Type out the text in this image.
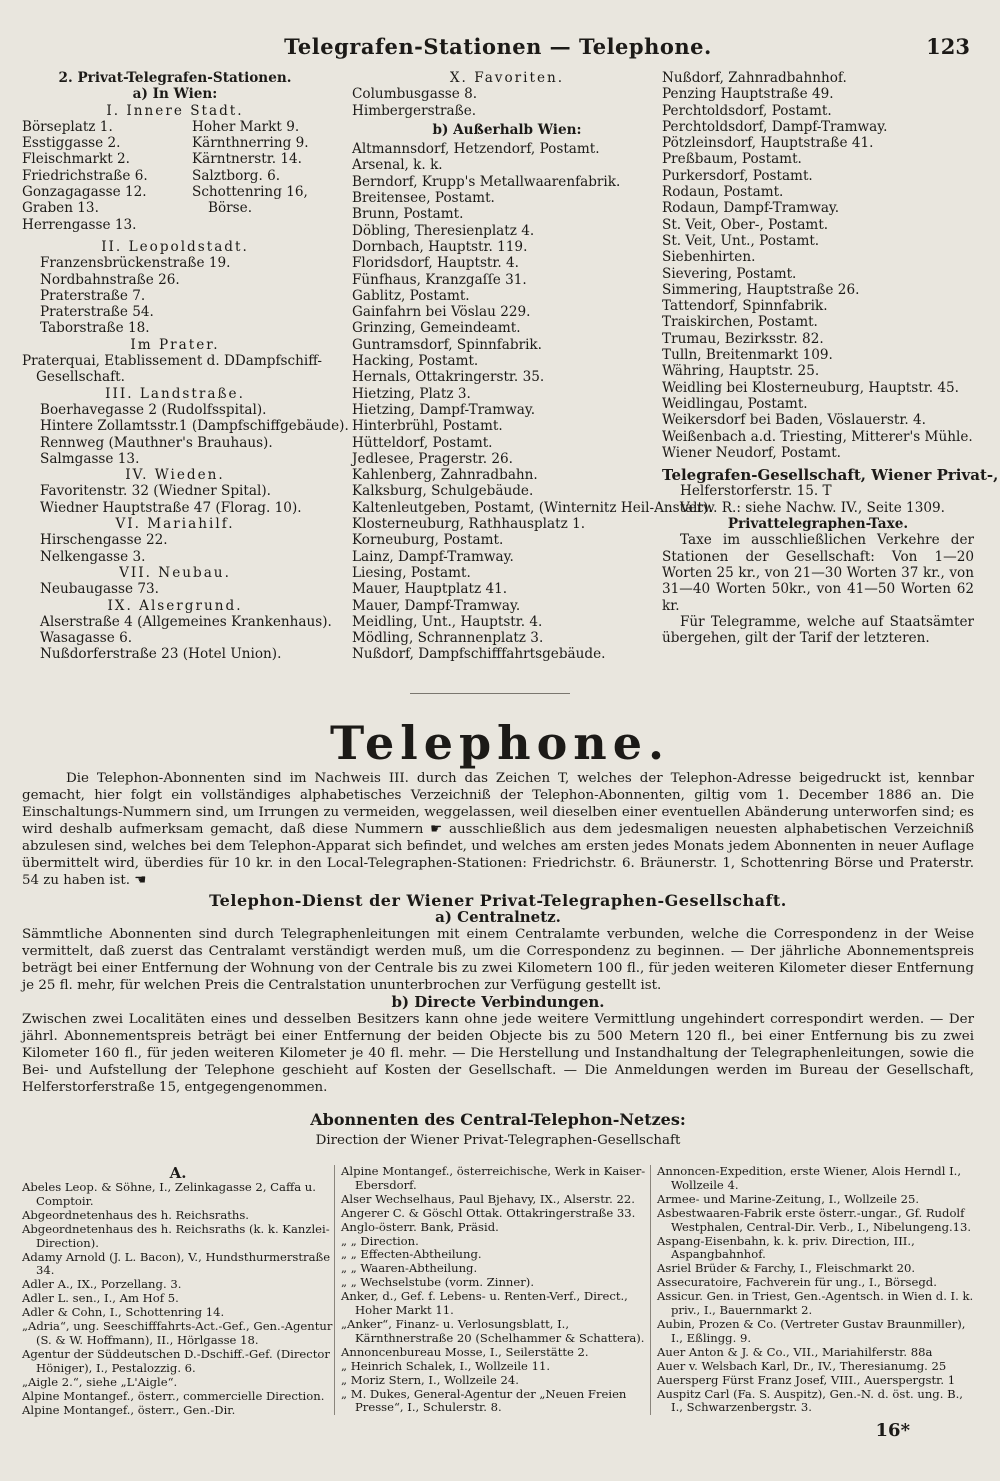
Telegrafen-Stationen — Telephone.	123
2. Privat-Telegrafen-Stationen.
a) In Wien:
I. Innere Stadt.
Börseplatz 1.
Esstiggasse 2.
Fleischmarkt 2.
Friedrichstraße 6.
Gonzagagasse 12.
Graben 13.
Herrengasse 13.
Hoher Markt 9.
Kärnthnerring 9.
Kärntnerstr. 14.
Salztborg. 6.
Schottenring 16,
Börse.
II. Leopoldstadt.
Franzensbrückenstraße 19.
Nordbahnstraße 26.
Praterstraße 7.
Praterstraße 54.
Taborstraße 18.
Im Prater.
Praterquai, Etablissement d. DDampfschiff-Gesellschaft.
III. Landstraße.
Boerhavegasse 2 (Rudolfsspital).
Hintere Zollamtsstr.1 (Dampfschiffgebäude).
Rennweg (Mauthner's Brauhaus).
Salmgasse 13.
IV. Wieden.
Favoritenstr. 32 (Wiedner Spital).
Wiedner Hauptstraße 47 (Florag. 10).
VI. Mariahilf.
Hirschengasse 22.
Nelkengasse 3.
VII. Neubau.
Neubaugasse 73.
IX. Alsergrund.
Alserstraße 4 (Allgemeines Krankenhaus).
Wasagasse 6.
Nußdorferstraße 23 (Hotel Union).
X. Favoriten.
Columbusgasse 8.
Himbergerstraße.
b) Außerhalb Wien:
Altmannsdorf, Hetzendorf, Postamt.
Arsenal, k. k.
Berndorf, Krupp's Metallwaarenfabrik.
Breitensee, Postamt.
Brunn, Postamt.
Döbling, Theresienplatz 4.
Dornbach, Hauptstr. 119.
Floridsdorf, Hauptstr. 4.
Fünfhaus, Kranzgaſſe 31.
Gablitz, Postamt.
Gainfahrn bei Vöslau 229.
Grinzing, Gemeindeamt.
Guntramsdorf, Spinnfabrik.
Hacking, Postamt.
Hernals, Ottakringerstr. 35.
Hietzing, Platz 3.
Hietzing, Dampf-Tramway.
Hinterbrühl, Postamt.
Hütteldorf, Postamt.
Jedlesee, Pragerstr. 26.
Kahlenberg, Zahnradbahn.
Kalksburg, Schulgebäude.
Kaltenleutgeben, Postamt, (Winternitz Heil-Anstalt).
Klosterneuburg, Rathhausplatz 1.
Korneuburg, Postamt.
Lainz, Dampf-Tramway.
Liesing, Postamt.
Mauer, Hauptplatz 41.
Mauer, Dampf-Tramway.
Meidling, Unt., Hauptstr. 4.
Mödling, Schrannenplatz 3.
Nußdorf, Dampfschifffahrtsgebäude.
Nußdorf, Zahnradbahnhof.
Penzing Hauptstraße 49.
Perchtoldsdorf, Postamt.
Perchtoldsdorf, Dampf-Tramway.
Pötzleinsdorf, Hauptstraße 41.
Preßbaum, Postamt.
Purkersdorf, Postamt.
Rodaun, Postamt.
Rodaun, Dampf-Tramway.
St. Veit, Ober-, Postamt.
St. Veit, Unt., Postamt.
Siebenhirten.
Sievering, Postamt.
Simmering, Hauptstraße 26.
Tattendorf, Spinnfabrik.
Traiskirchen, Postamt.
Trumau, Bezirksstr. 82.
Tulln, Breitenmarkt 109.
Währing, Hauptstr. 25.
Weidling bei Klosterneuburg, Hauptstr. 45.
Weidlingau, Postamt.
Weikersdorf bei Baden, Vöslauerstr. 4.
Weißenbach a.d. Triesting, Mitterer's Mühle.
Wiener Neudorf, Postamt.
Telegrafen-Gesellschaft, Wiener Privat-,
Helferstorferstr. 15. T
Verw. R.: siehe Nachw. IV., Seite 1309.
Privattelegraphen-Taxe.
Taxe im ausschließlichen Verkehre der Stationen der Gesellschaft: Von 1—20 Worten 25 kr., von 21—30 Worten 37 kr., von 31—40 Worten 50kr., von 41—50 Worten 62 kr.
Für Telegramme, welche auf Staatsämter übergehen, gilt der Tarif der letzteren.
Telephone.
Die Telephon-Abonnenten sind im Nachweis III. durch das Zeichen T, welches der Telephon-Adresse beigedruckt ist, kennbar gemacht, hier folgt ein vollständiges alphabetisches Verzeichniß der Telephon-Abonnenten, giltig vom 1. December 1886 an. Die Einschaltungs-Nummern sind, um Irrungen zu vermeiden, weggelassen, weil dieselben einer eventuellen Abänderung unterworfen sind; es wird deshalb aufmerksam gemacht, daß diese Nummern ☛ ausschließlich aus dem jedesmaligen neuesten alphabetischen Verzeichniß abzulesen sind, welches bei dem Telephon-Apparat sich befindet, und welches am ersten jedes Monats jedem Abonnenten in neuer Auflage übermittelt wird, überdies für 10 kr. in den Local-Telegraphen-Stationen: Friedrichstr. 6. Bräunerstr. 1, Schottenring Börse und Praterstr. 54 zu haben ist. ☚
Telephon-Dienst der Wiener Privat-Telegraphen-Gesellschaft.
a) Centralnetz.
Sämmtliche Abonnenten sind durch Telegraphenleitungen mit einem Centralamte verbunden, welche die Correspondenz in der Weise vermittelt, daß zuerst das Centralamt verständigt werden muß, um die Correspondenz zu beginnen. — Der jährliche Abonnementspreis beträgt bei einer Entfernung der Wohnung von der Centrale bis zu zwei Kilometern 100 fl., für jeden weiteren Kilometer dieser Entfernung je 25 fl. mehr, für welchen Preis die Centralstation ununterbrochen zur Verfügung gestellt ist.
b) Directe Verbindungen.
Zwischen zwei Localitäten eines und desselben Besitzers kann ohne jede weitere Vermittlung ungehindert correspondirt werden. — Der jährl. Abonnementspreis beträgt bei einer Entfernung der beiden Objecte bis zu 500 Metern 120 fl., bei einer Entfernung bis zu zwei Kilometer 160 fl., für jeden weiteren Kilometer je 40 fl. mehr. — Die Herstellung und Instandhaltung der Telegraphenleitungen, sowie die Bei- und Aufstellung der Telephone geschieht auf Kosten der Gesellschaft. — Die Anmeldungen werden im Bureau der Gesellschaft, Helferstorferstraße 15, entgegengenommen.
Abonnenten des Central-Telephon-Netzes:
Direction der Wiener Privat-Telegraphen-Gesellschaft
A.
Abeles Leop. & Söhne, I., Zelinkagasse 2, Caffa u. Comptoir.
Abgeordnetenhaus des h. Reichsraths.
Abgeordnetenhaus des h. Reichsraths (k. k. Kanzlei-Direction).
Adamy Arnold (J. L. Bacon), V., Hundsthurmerstraße 34.
Adler A., IX., Porzellang. 3.
Adler L. sen., I., Am Hof 5.
Adler & Cohn, I., Schottenring 14.
„Adria“, ung. Seeschifffahrts-Act.-Gef., Gen.-Agentur (S. & W. Hoffmann), II., Hörlgasse 18.
Agentur der Süddeutschen D.-Dschiff.-Gef. (Director Höniger), I., Pestalozzig. 6.
„Aigle 2.“, siehe „L'Aigle“.
Alpine Montangef., österr., commercielle Direction.
Alpine Montangef., österr., Gen.-Dir.
Alpine Montangef., österreichische, Werk in Kaiser-Ebersdorf.
Alser Wechselhaus, Paul Bjehavy, IX., Alserstr. 22.
Angerer C. & Göschl Ottak. Ottakringerstraße 33.
Anglo-österr. Bank, Präsid.
„ „ Direction.
„ „ Effecten-Abtheilung.
„ „ Waaren-Abtheilung.
„ „ Wechselstube (vorm. Zinner).
Anker, d., Gef. f. Lebens- u. Renten-Verf., Direct., Hoher Markt 11.
„Anker“, Finanz- u. Verlosungsblatt, I., Kärnthnerstraße 20 (Schelhammer & Schattera).
Annoncenbureau Mosse, I., Seilerstätte 2.
„ Heinrich Schalek, I., Wollzeile 11.
„ Moriz Stern, I., Wollzeile 24.
„ M. Dukes, General-Agentur der „Neuen Freien Presse“, I., Schulerstr. 8.
Annoncen-Expedition, erste Wiener, Alois Herndl I., Wollzeile 4.
Armee- und Marine-Zeitung, I., Wollzeile 25.
Asbestwaaren-Fabrik erste österr.-ungar., Gf. Rudolf Westphalen, Central-Dir. Verb., I., Nibelungeng.13.
Aspang-Eisenbahn, k. k. priv. Direction, III., Aspangbahnhof.
Asriel Brüder & Farchy, I., Fleischmarkt 20.
Assecuratoire, Fachverein für ung., I., Börsegd.
Assicur. Gen. in Triest, Gen.-Agentsch. in Wien d. I. k. priv., I., Bauernmarkt 2.
Aubin, Prozen & Co. (Vertreter Gustav Braunmiller), I., Eßlingg. 9.
Auer Anton & J. & Co., VII., Mariahilferstr. 88a
Auer v. Welsbach Karl, Dr., IV., Theresianumg. 25
Auersperg Fürst Franz Josef, VIII., Auerspergstr. 1
Auspitz Carl (Fa. S. Auspitz), Gen.-N. d. öst. ung. B., I., Schwarzenbergstr. 3.
16*
